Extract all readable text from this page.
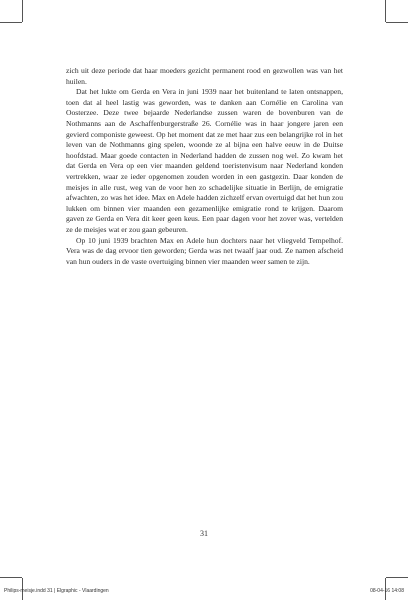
zich uit deze periode dat haar moeders gezicht permanent rood en gezwollen was van het huilen.

Dat het lukte om Gerda en Vera in juni 1939 naar het buitenland te laten ontsnappen, toen dat al heel lastig was geworden, was te danken aan Cornélie en Carolina van Oosterzee. Deze twee bejaarde Nederlandse zussen waren de bovenburen van de Nothmanns aan de Aschaffenburgerstraße 26. Cornélie was in haar jongere jaren een gevierd componiste geweest. Op het moment dat ze met haar zus een belangrijke rol in het leven van de Nothmanns ging spelen, woonde ze al bijna een halve eeuw in de Duitse hoofdstad. Maar goede contacten in Nederland hadden de zussen nog wel. Zo kwam het dat Gerda en Vera op een vier maanden geldend toeristenvisum naar Nederland konden vertrekken, waar ze ieder opgenomen zouden worden in een gastgezin. Daar konden de meisjes in alle rust, weg van de voor hen zo schadelijke situatie in Berlijn, de emigratie afwachten, zo was het idee. Max en Adele hadden zichzelf ervan overtuigd dat het hun zou lukken om binnen vier maanden een gezamenlijke emigratie rond te krijgen. Daarom gaven ze Gerda en Vera dit keer geen keus. Een paar dagen voor het zover was, vertelden ze de meisjes wat er zou gaan gebeuren.

Op 10 juni 1939 brachten Max en Adele hun dochters naar het vliegveld Tempelhof. Vera was de dag ervoor tien geworden; Gerda was net twaalf jaar oud. Ze namen afscheid van hun ouders in de vaste overtuiging binnen vier maanden weer samen te zijn.

31
Philips-meisje.indd 31 | Elgraphic - Vlaardingen	08-04-16 14:08
